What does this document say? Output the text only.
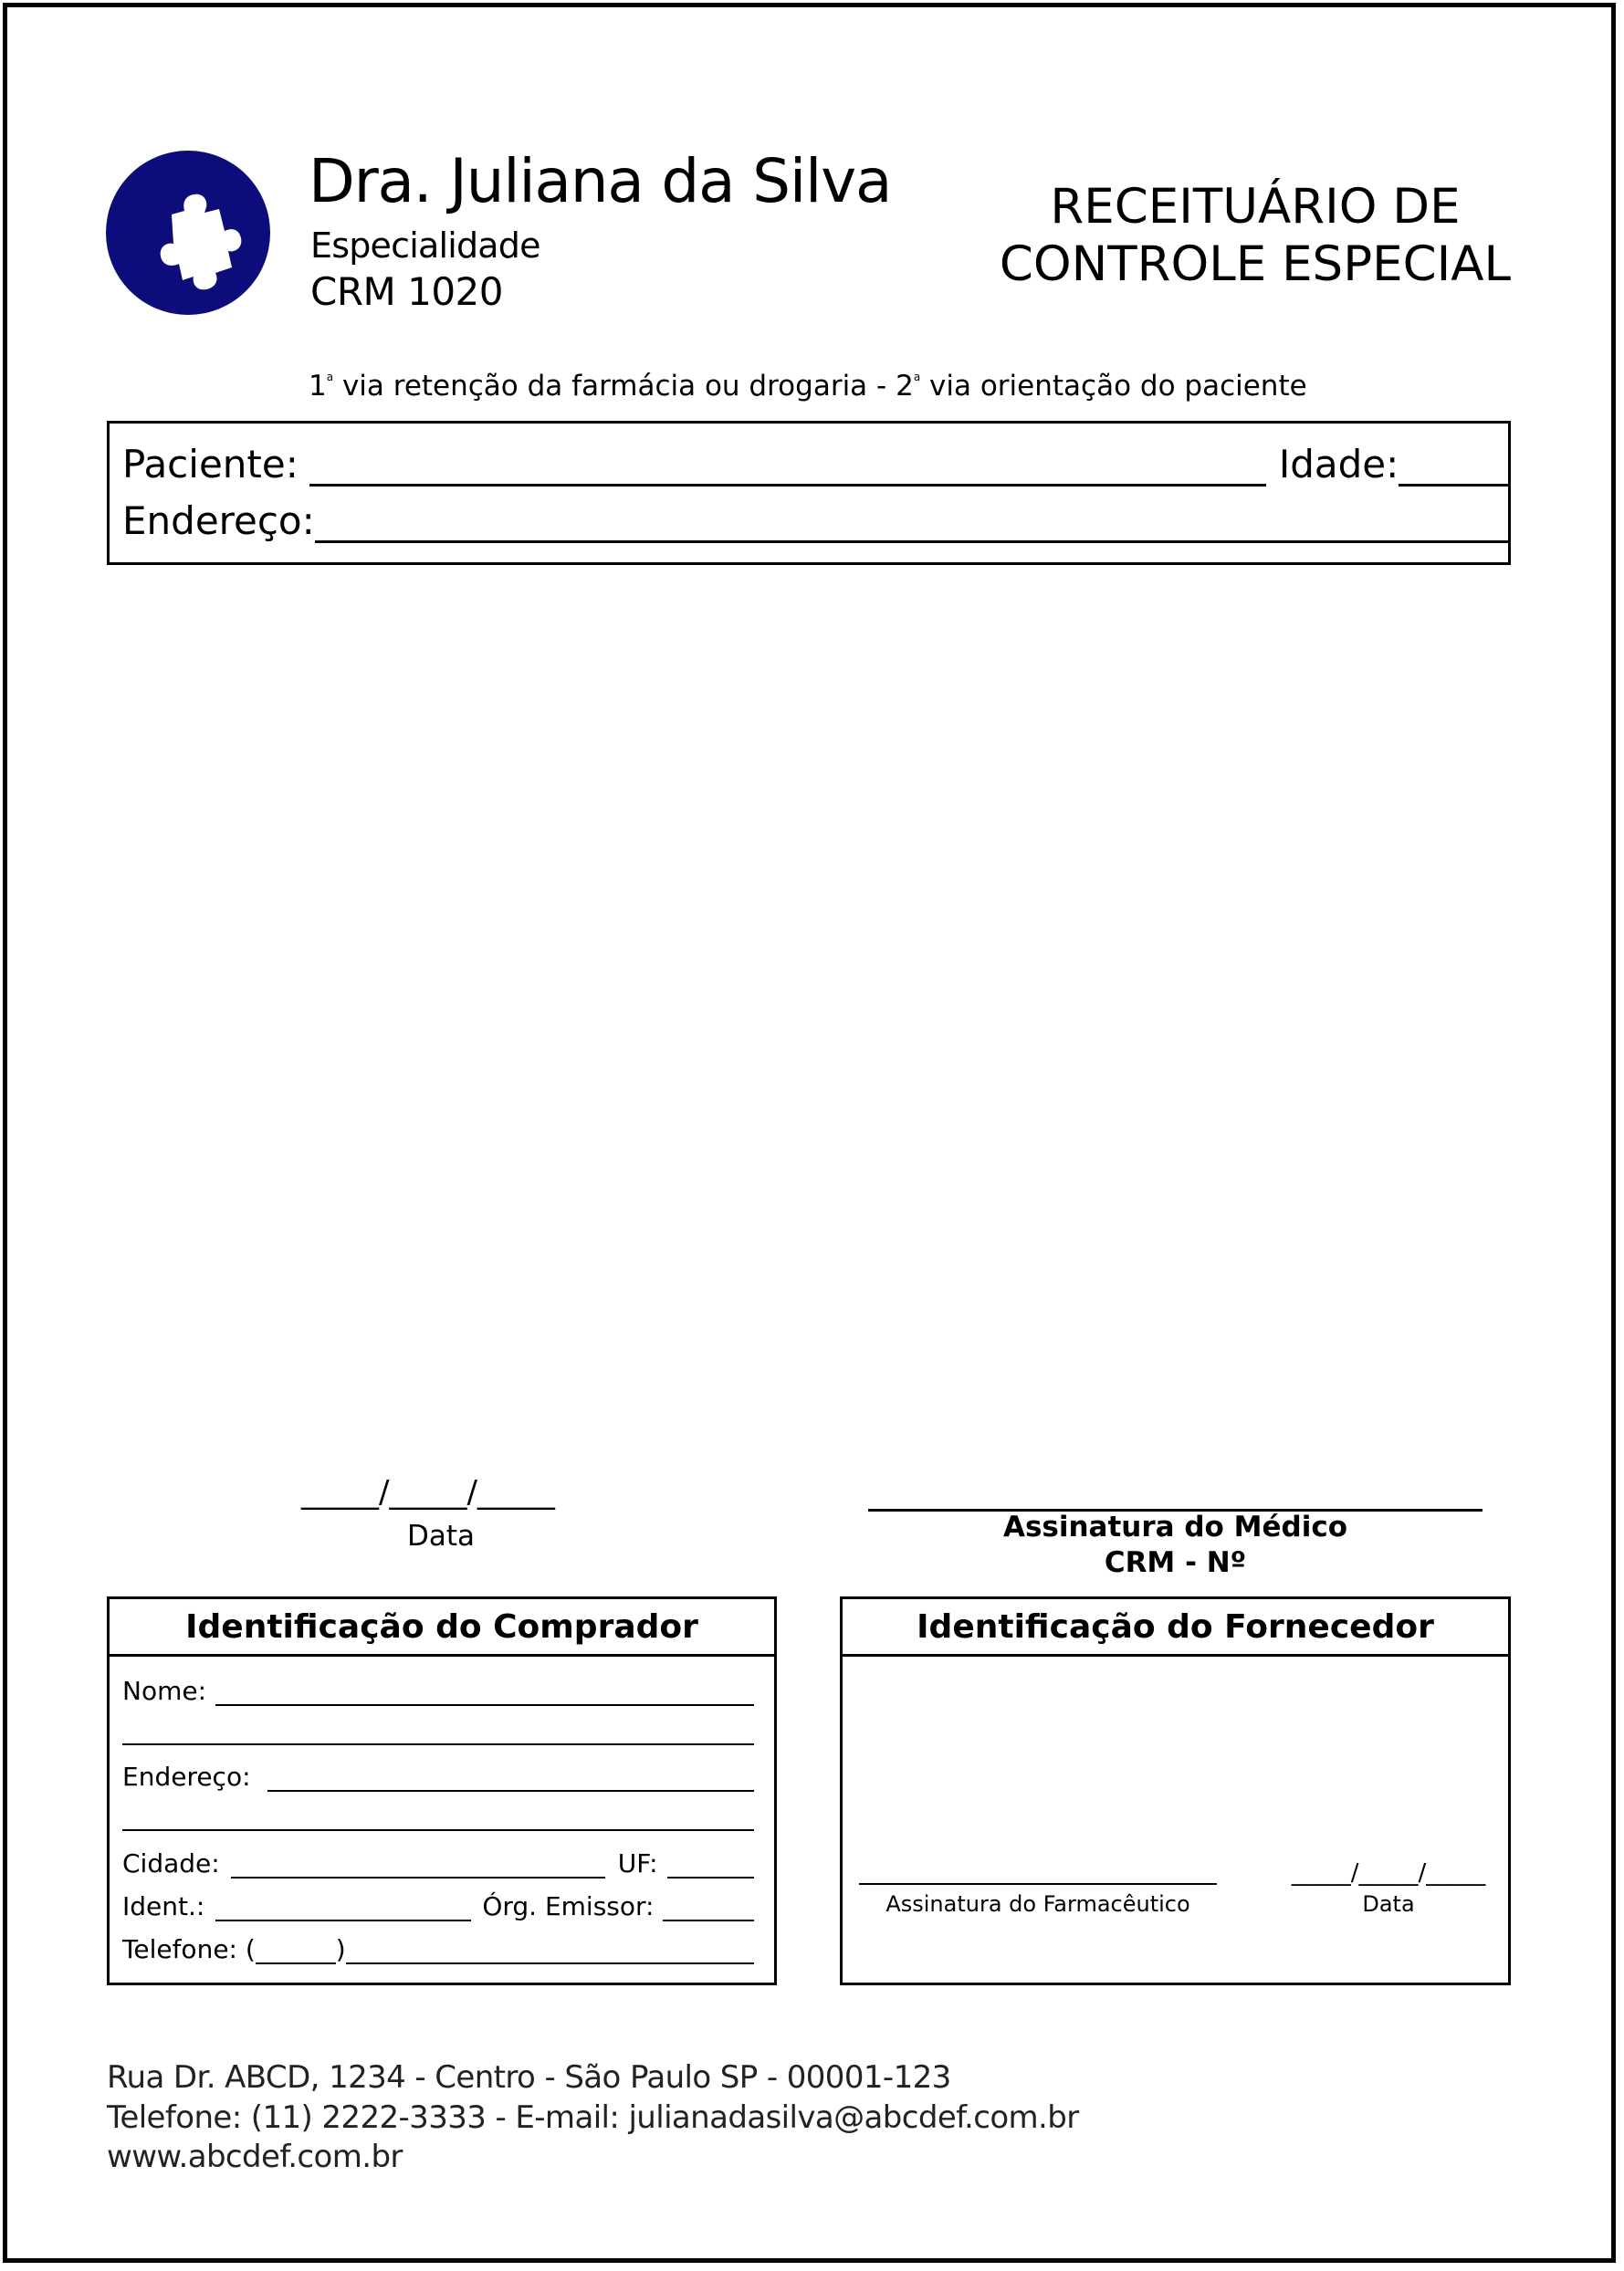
Dra. Juliana da Silva
Especialidade
CRM 1020
RECEITUÁRIO DE
CONTROLE ESPECIAL
1$^a$ via retenção da farmácia ou drogaria - 2$^a$ via orientação do paciente
Paciente:	Idade:
Endereço:
_____/_____/_____
Data	Assinatura do Médico
CRM - Nº
Identificação do Comprador
Nome:
Endereço:
Cidade:	UF:
Ident.:	Órg. Emissor:
Telefone: (	)
Identificação do Fornecedor
Assinatura do Farmacêutico
_____/_____/_____
Data
Rua Dr. ABCD, 1234 - Centro - São Paulo SP - 00001-123
Telefone: (11) 2222-3333 - E-mail: julianadasilva@abcdef.com.br
www.abcdef.com.br
